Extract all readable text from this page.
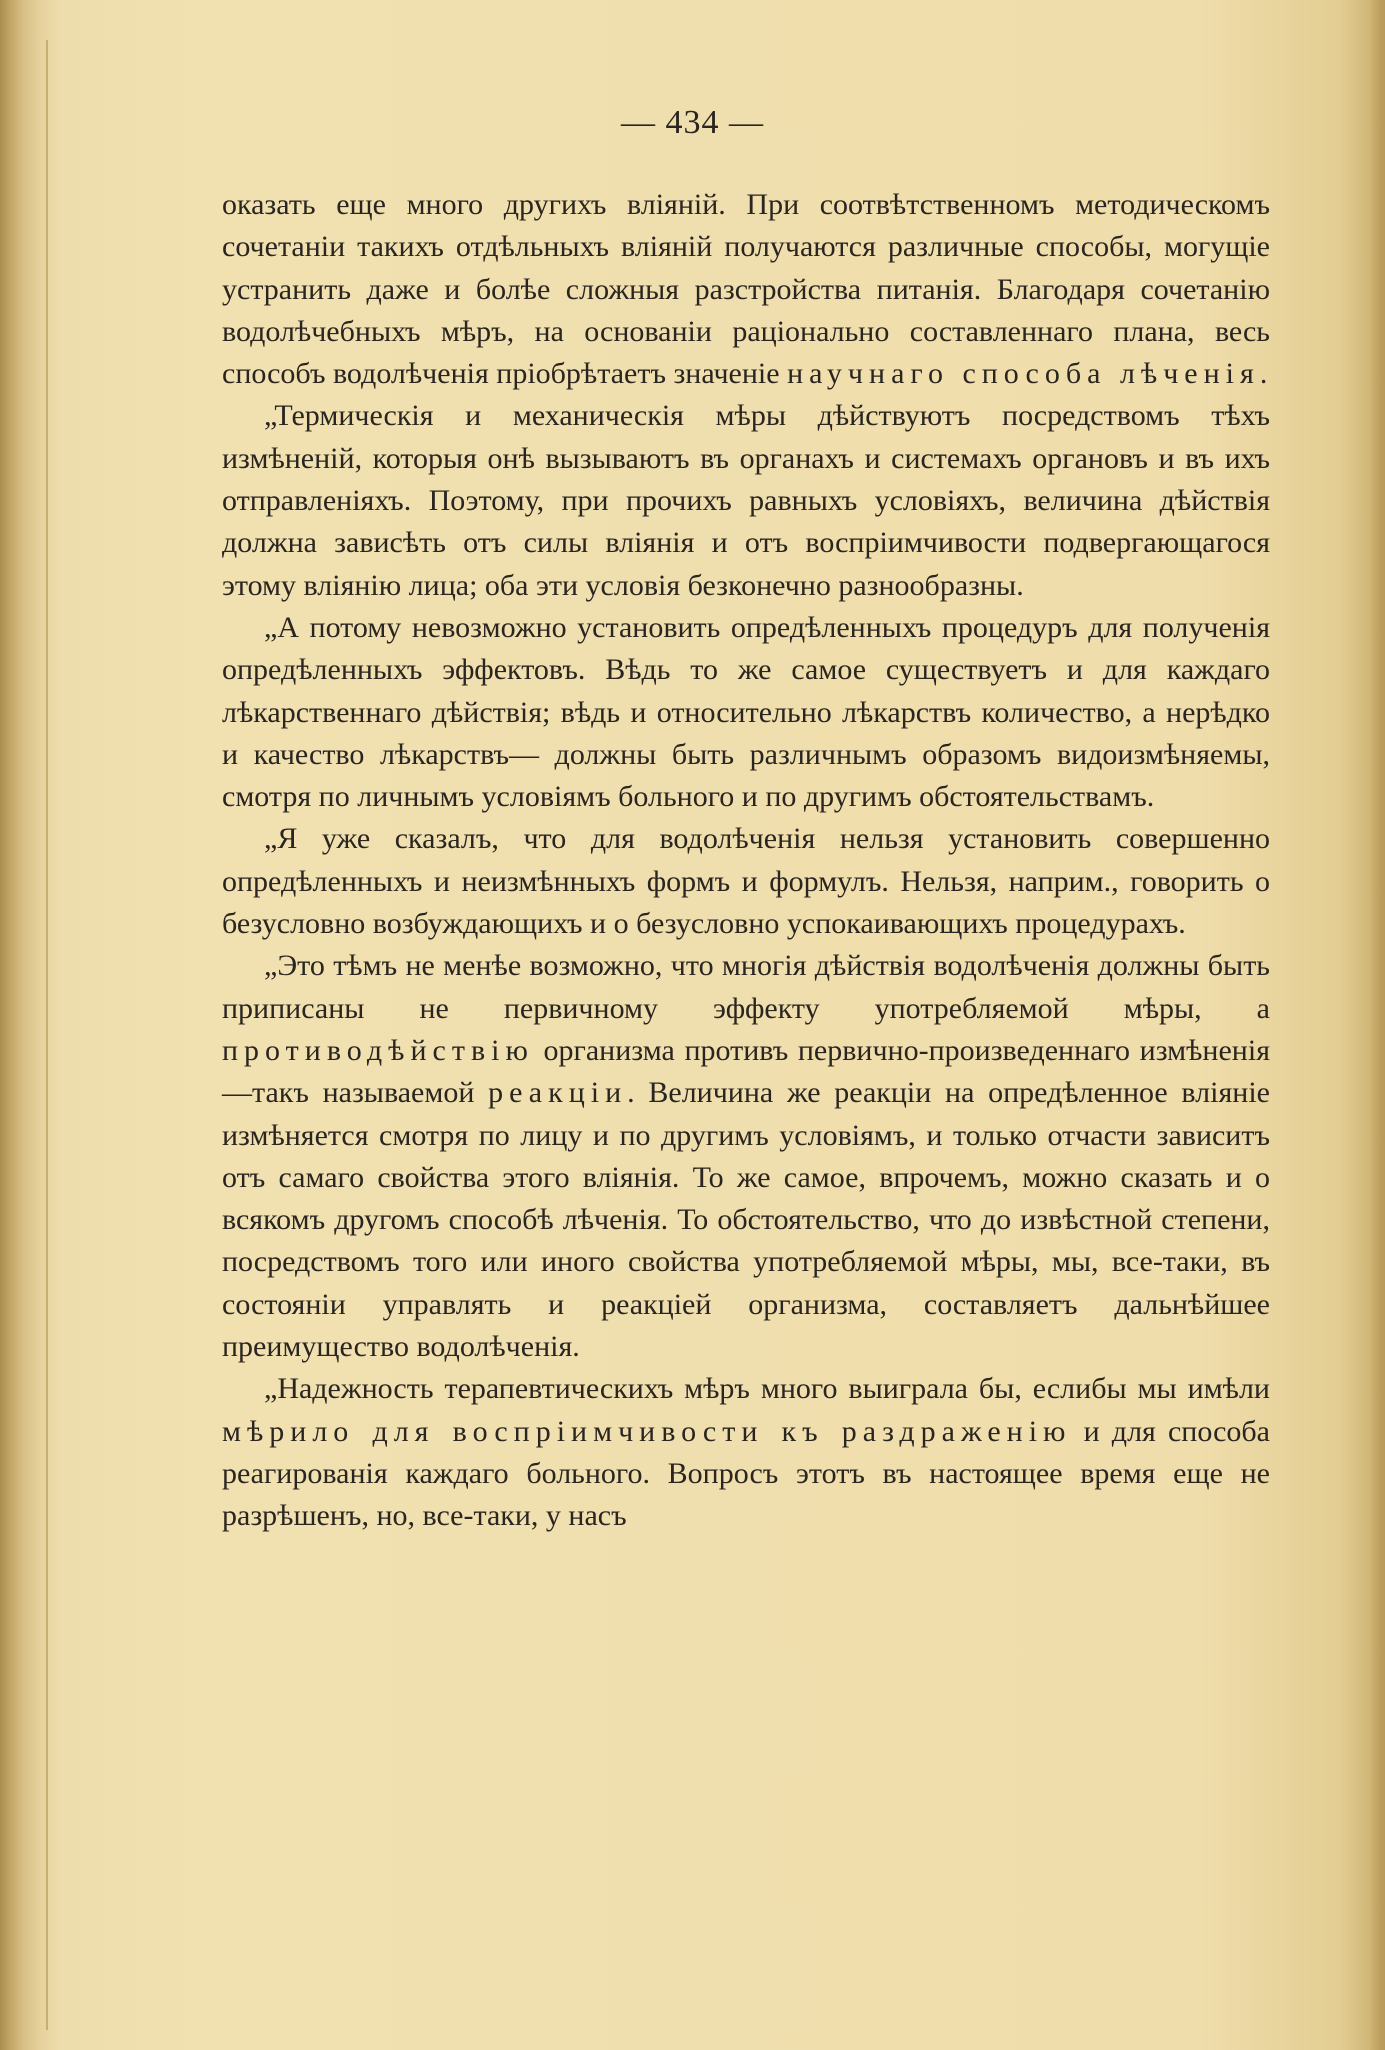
— 434 —

оказать еще много другихъ вліяній. При соотвѣтственномъ методическомъ сочетаніи такихъ отдѣльныхъ вліяній получаются различные способы, могущіе устранить даже и болѣе сложныя разстройства питанія. Благодаря сочетанію водолѣчебныхъ мѣръ, на основаніи раціонально составленнаго плана, весь способъ водолѣченія пріобрѣтаетъ значеніе научнаго способа лѣченія.

„Термическія и механическія мѣры дѣйствуютъ посредствомъ тѣхъ измѣненій, которыя онѣ вызываютъ въ органахъ и системахъ органовъ и въ ихъ отправленіяхъ. Поэтому, при прочихъ равныхъ условіяхъ, величина дѣйствія должна зависѣть отъ силы вліянія и отъ воспріимчивости подвергающагося этому вліянію лица; оба эти условія безконечно разнообразны.

„А потому невозможно установить опредѣленныхъ процедуръ для полученія опредѣленныхъ эффектовъ. Вѣдь то же самое существуетъ и для каждаго лѣкарственнаго дѣйствія; вѣдь и относительно лѣкарствъ количество, а нерѣдко и качество лѣкарствъ— должны быть различнымъ образомъ видоизмѣняемы, смотря по личнымъ условіямъ больного и по другимъ обстоятельствамъ.

„Я уже сказалъ, что для водолѣченія нельзя установить совершенно опредѣленныхъ и неизмѣнныхъ формъ и формулъ. Нельзя, наприм., говорить о безусловно возбуждающихъ и о безусловно успокаивающихъ процедурахъ.

„Это тѣмъ не менѣе возможно, что многія дѣйствія водолѣченія должны быть приписаны не первичному эффекту употребляемой мѣры, а противодѣйствію организма противъ первично-произведеннаго измѣненія—такъ называемой реакціи. Величина же реакціи на опредѣленное вліяніе измѣняется смотря по лицу и по другимъ условіямъ, и только отчасти зависитъ отъ самаго свойства этого вліянія. То же самое, впрочемъ, можно сказать и о всякомъ другомъ способѣ лѣченія. То обстоятельство, что до извѣстной степени, посредствомъ того или иного свойства употребляемой мѣры, мы, все-таки, въ состояніи управлять и реакціей организма, составляетъ дальнѣйшее преимущество водолѣченія.

„Надежность терапевтическихъ мѣръ много выиграла бы, еслибы мы имѣли мѣрило для воспріимчивости къ раздраженію и для способа реагированія каждаго больного. Вопросъ этотъ въ настоящее время еще не разрѣшенъ, но, все-таки, у насъ
